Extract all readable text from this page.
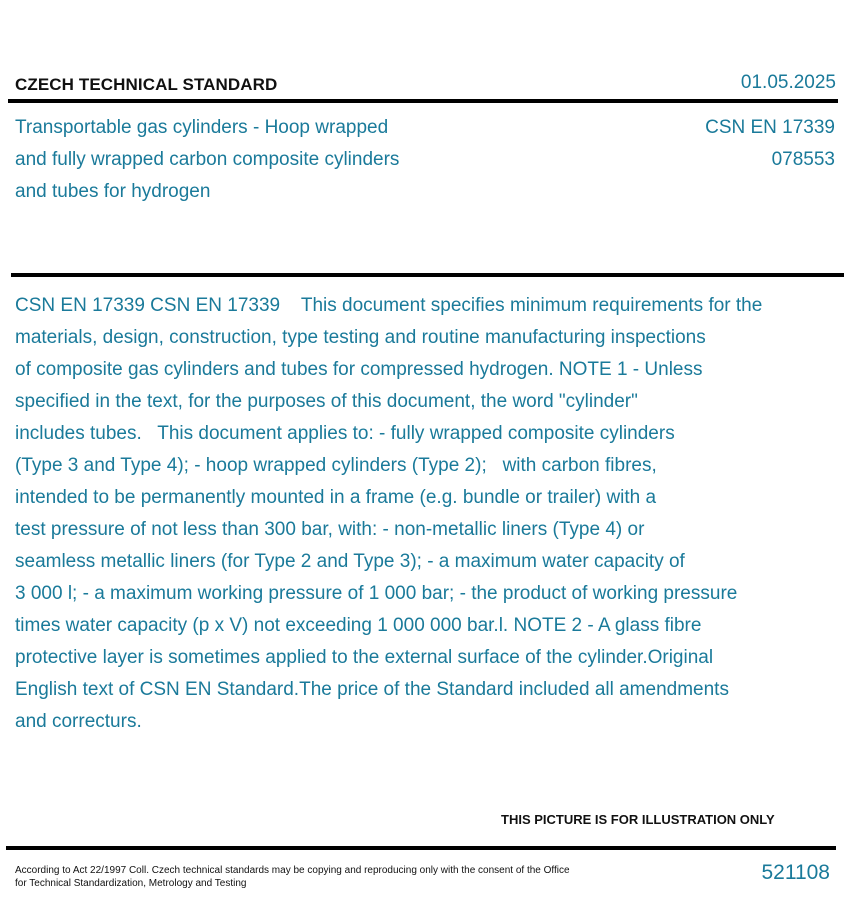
CZECH TECHNICAL STANDARD	01.05.2025
Transportable gas cylinders - Hoop wrapped
and fully wrapped carbon composite cylinders
and tubes for hydrogen
CSN EN 17339
078553
CSN EN 17339 CSN EN 17339    This document specifies minimum requirements for the
materials, design, construction, type testing and routine manufacturing inspections
of composite gas cylinders and tubes for compressed hydrogen. NOTE 1 - Unless
specified in the text, for the purposes of this document, the word "cylinder"
includes tubes.   This document applies to: - fully wrapped composite cylinders
(Type 3 and Type 4); - hoop wrapped cylinders (Type 2);   with carbon fibres,
intended to be permanently mounted in a frame (e.g. bundle or trailer) with a
test pressure of not less than 300 bar, with: - non-metallic liners (Type 4) or
seamless metallic liners (for Type 2 and Type 3); - a maximum water capacity of
3 000 l; - a maximum working pressure of 1 000 bar; - the product of working pressure
times water capacity (p x V) not exceeding 1 000 000 bar.l. NOTE 2 - A glass fibre
protective layer is sometimes applied to the external surface of the cylinder.Original
English text of CSN EN Standard.The price of the Standard included all amendments
and correcturs.
THIS PICTURE IS FOR ILLUSTRATION ONLY
According to Act 22/1997 Coll. Czech technical standards may be copying and reproducing only with the consent of the Office
for Technical Standardization, Metrology and Testing	521108
